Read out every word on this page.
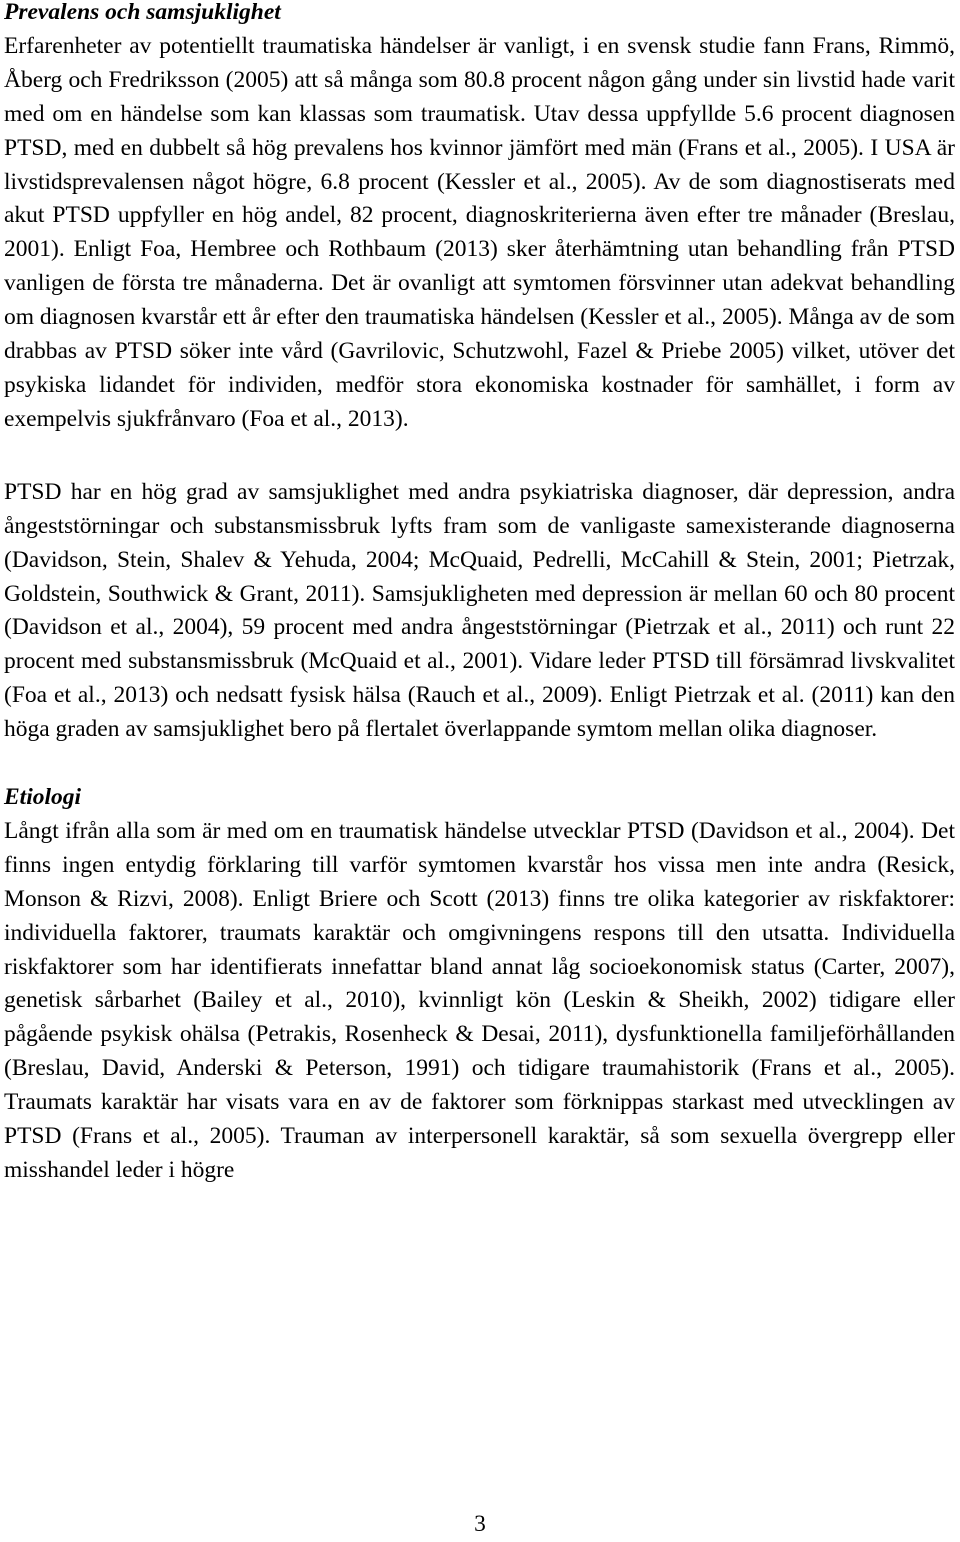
Prevalens och samsjuklighet

Erfarenheter av potentiellt traumatiska händelser är vanligt, i en svensk studie fann Frans, Rimmö, Åberg och Fredriksson (2005) att så många som 80.8 procent någon gång under sin livstid hade varit med om en händelse som kan klassas som traumatisk. Utav dessa uppfyllde 5.6 procent diagnosen PTSD, med en dubbelt så hög prevalens hos kvinnor jämfört med män (Frans et al., 2005). I USA är livstidsprevalensen något högre, 6.8 procent (Kessler et al., 2005). Av de som diagnostiserats med akut PTSD uppfyller en hög andel, 82 procent, diagnoskriterierna även efter tre månader (Breslau, 2001). Enligt Foa, Hembree och Rothbaum (2013) sker återhämtning utan behandling från PTSD vanligen de första tre månaderna. Det är ovanligt att symtomen försvinner utan adekvat behandling om diagnosen kvarstår ett år efter den traumatiska händelsen (Kessler et al., 2005). Många av de som drabbas av PTSD söker inte vård (Gavrilovic, Schutzwohl, Fazel & Priebe 2005) vilket, utöver det psykiska lidandet för individen, medför stora ekonomiska kostnader för samhället, i form av exempelvis sjukfrånvaro (Foa et al., 2013).

PTSD har en hög grad av samsjuklighet med andra psykiatriska diagnoser, där depression, andra ångeststörningar och substansmissbruk lyfts fram som de vanligaste samexisterande diagnoserna (Davidson, Stein, Shalev & Yehuda, 2004; McQuaid, Pedrelli, McCahill & Stein, 2001; Pietrzak, Goldstein, Southwick & Grant, 2011). Samsjukligheten med depression är mellan 60 och 80 procent (Davidson et al., 2004), 59 procent med andra ångeststörningar (Pietrzak et al., 2011) och runt 22 procent med substansmissbruk (McQuaid et al., 2001). Vidare leder PTSD till försämrad livskvalitet (Foa et al., 2013) och nedsatt fysisk hälsa (Rauch et al., 2009). Enligt Pietrzak et al. (2011) kan den höga graden av samsjuklighet bero på flertalet överlappande symtom mellan olika diagnoser.

Etiologi

Långt ifrån alla som är med om en traumatisk händelse utvecklar PTSD (Davidson et al., 2004). Det finns ingen entydig förklaring till varför symtomen kvarstår hos vissa men inte andra (Resick, Monson & Rizvi, 2008). Enligt Briere och Scott (2013) finns tre olika kategorier av riskfaktorer: individuella faktorer, traumats karaktär och omgivningens respons till den utsatta. Individuella riskfaktorer som har identifierats innefattar bland annat låg socioekonomisk status (Carter, 2007), genetisk sårbarhet (Bailey et al., 2010), kvinnligt kön (Leskin & Sheikh, 2002) tidigare eller pågående psykisk ohälsa (Petrakis, Rosenheck & Desai, 2011), dysfunktionella familjeförhållanden (Breslau, David, Anderski & Peterson, 1991) och tidigare traumahistorik (Frans et al., 2005). Traumats karaktär har visats vara en av de faktorer som förknippas starkast med utvecklingen av PTSD (Frans et al., 2005). Trauman av interpersonell karaktär, så som sexuella övergrepp eller misshandel leder i högre

3
